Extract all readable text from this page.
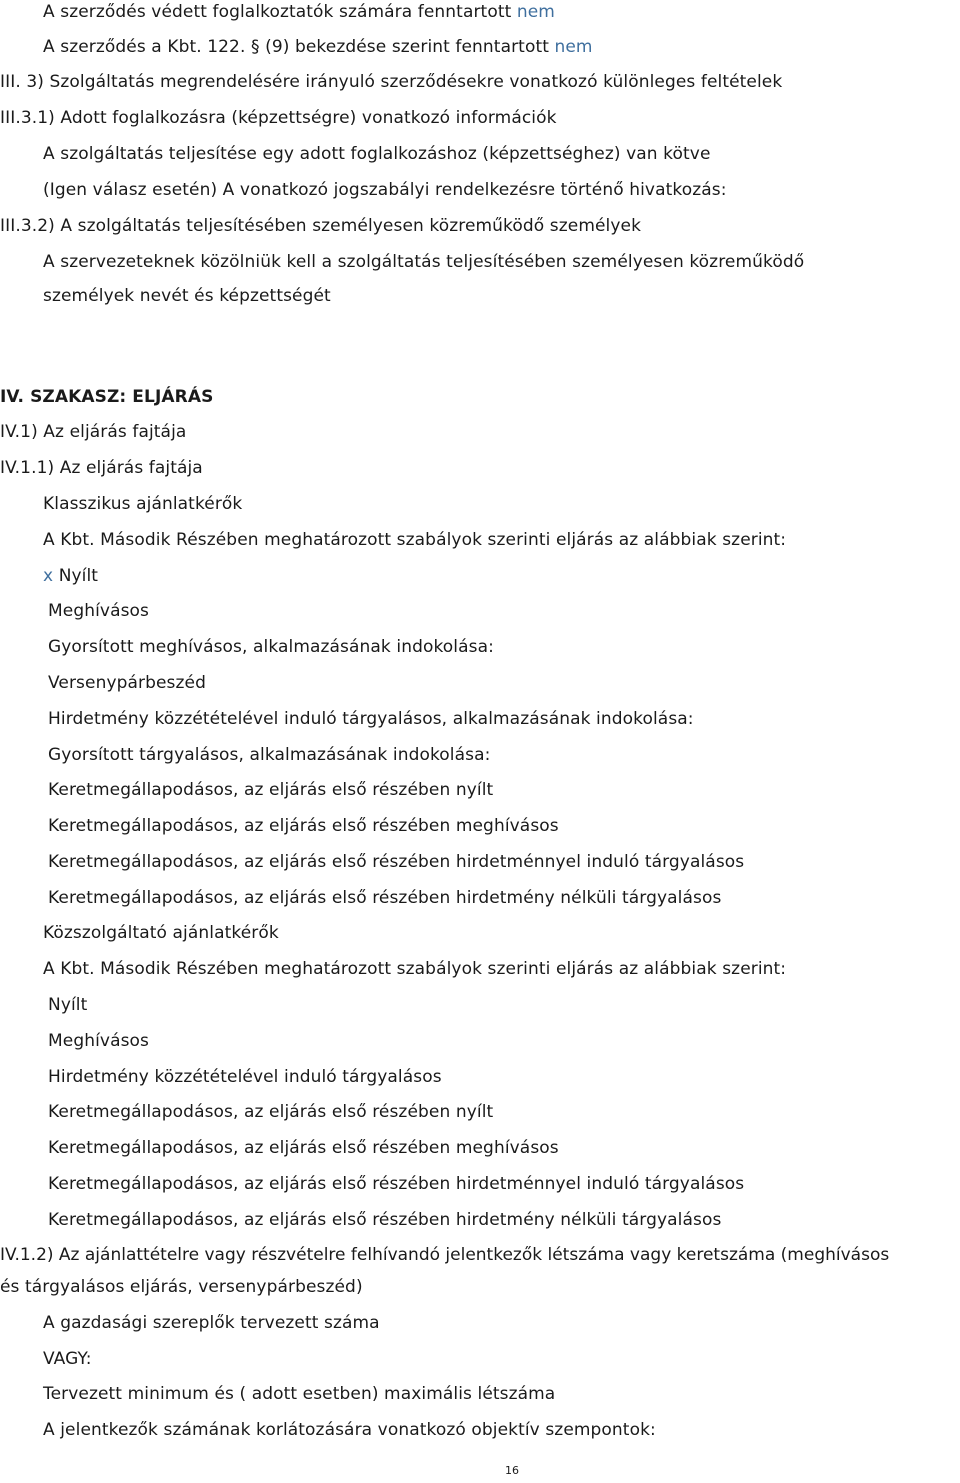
A szerződés védett foglalkoztatók számára fenntartott nem
A szerződés a Kbt. 122. § (9) bekezdése szerint fenntartott nem
III. 3) Szolgáltatás megrendelésére irányuló szerződésekre vonatkozó különleges feltételek
III.3.1) Adott foglalkozásra (képzettségre) vonatkozó információk
A szolgáltatás teljesítése egy adott foglalkozáshoz (képzettséghez) van kötve
(Igen válasz esetén) A vonatkozó jogszabályi rendelkezésre történő hivatkozás:
III.3.2) A szolgáltatás teljesítésében személyesen közreműködő személyek
A szervezeteknek közölniük kell a szolgáltatás teljesítésében személyesen közreműködő
személyek nevét és képzettségét
IV. SZAKASZ: ELJÁRÁS
IV.1) Az eljárás fajtája
IV.1.1) Az eljárás fajtája
Klasszikus ajánlatkérők
A Kbt. Második Részében meghatározott szabályok szerinti eljárás az alábbiak szerint:
x Nyílt
Meghívásos
Gyorsított meghívásos, alkalmazásának indokolása:
Versenypárbeszéd
Hirdetmény közzétételével induló tárgyalásos, alkalmazásának indokolása:
Gyorsított tárgyalásos, alkalmazásának indokolása:
Keretmegállapodásos, az eljárás első részében nyílt
Keretmegállapodásos, az eljárás első részében meghívásos
Keretmegállapodásos, az eljárás első részében hirdetménnyel induló tárgyalásos
Keretmegállapodásos, az eljárás első részében hirdetmény nélküli tárgyalásos
Közszolgáltató ajánlatkérők
A Kbt. Második Részében meghatározott szabályok szerinti eljárás az alábbiak szerint:
Nyílt
Meghívásos
Hirdetmény közzétételével induló tárgyalásos
Keretmegállapodásos, az eljárás első részében nyílt
Keretmegállapodásos, az eljárás első részében meghívásos
Keretmegállapodásos, az eljárás első részében hirdetménnyel induló tárgyalásos
Keretmegállapodásos, az eljárás első részében hirdetmény nélküli tárgyalásos
IV.1.2) Az ajánlattételre vagy részvételre felhívandó jelentkezők létszáma vagy keretszáma (meghívásos
és tárgyalásos eljárás, versenypárbeszéd)
A gazdasági szereplők tervezett száma
VAGY:
Tervezett minimum és ( adott esetben) maximális létszáma
A jelentkezők számának korlátozására vonatkozó objektív szempontok:
16
